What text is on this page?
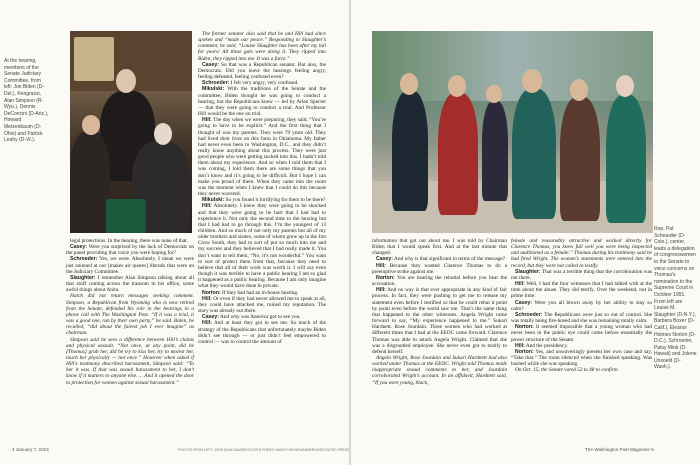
At the hearing, members of the Senate Judiciary Committee, from left: Joe Biden (D-Del.), Kengrassi, Alan Simpson (R-Wyo.), Dennis DeConcini (D-Ariz.), Howard Metzenbaum (D-Ohio) and Patrick Leahy (D-Vt.).
Rep. Pat Schroeder (D-Colo.), center, leads a delegation of congresswomen to the Senate to voice concerns on Thomas's nomination to the Supreme Court in October 1991. From left are Louise M. Slaughter (D-N.Y.), Barbara Boxer (D-Calif.), Eleanor Holmes Norton (D-D.C.), Schroeder, Patsy Mink (D-Hawaii) and Jolene Unsoeld (D-Wash.).

legal protections. In the hearing, there was none of that.

Casey: Were you surprised by the lack of Democrats on the panel providing that voice you were hoping for?

Schroeder: Yes, we were. Absolutely. I mean we were just stunned at our [makes air quotes] liberals that were on the Judiciary Committee.

Slaughter: I remember Alan Simpson talking about all that stuff coming across the transom in his office, some awful things about Anita.

Hatch did not return messages seeking comment. Simpson, a Republican from Wyoming who is now retired from the Senate, defended his role in the hearings in a phone call with The Washington Post. “If it was a trial, it was a good one, run by their own party,” he said. Biden, he recalled, “did about the fairest job I ever imagine” as chairman.

Simpson said he sees a difference between Hill’s claims and physical assault. “Not once, at any point, did he [Thomas] grab her, did he try to kiss her, try to molest her, touch her physically — not once.” However when asked if Hill’s testimony described harassment, Simpson said: “To her it was. If that was sexual harassment to her, I don’t know if it matters to anyone else. ... And it opened the door to protection for women against sexual harassment.”

The former senator also said that he and Hill had since spoken and “made our peace.” Responding to Slaughter’s comment, he said, “Louise Slaughter has been after my tail for years! All these gals were doing it. They ripped into Biden, they ripped into me. It was a farce.”

Casey: So that was a Republican senator. But also, the Democrats. Did you leave the hearings feeling angry, feeling defeated, feeling confused even?

Schroeder: I felt very angry, very confused.

Mikulski: With the traditions of the Senate and the committee, Biden thought he was going to conduct a hearing, but the Republicans knew — led by Arlen Specter — that they were going to conduct a trial. And Professor Hill would be the one on trial.

Hill: The day when we were preparing, they said, “You’re going to have to be explicit.” And the first thing that I thought of was my parents. They were 79 years old. They had lived their lives on this farm in Oklahoma. My father had never even been to Washington, D.C., and they didn’t really know anything about this process. They were just good people who were getting sucked into this. I hadn’t told them about my experience. And so when I told them that I was coming, I told them there are some things that you don’t know and it’s going to be difficult. But I hope I can make you proud of them. When they came into the room was the moment when I knew that I could do this because they never wavered.

Mikulski: So you found it fortifying for them to be there?

Hill: Absolutely. I knew they were going to be shocked and that they were going to be hurt that I had had to experience it. Not only the second time to the hearing but that I had had to go through this. I’m the youngest of 13 children. And so much of not only my parents but all of my older brothers and sisters, some of whom grew up in the Jim Crow South, they had to sort of put so much into me and my success and they believed that I had really made it. You don’t want to tell them, “No, it’s not wonderful.” You want to sort of protect them from that, because they need to believe that all of their work was worth it. I will say even though it was terrible to have a public hearing I am so glad it happened as a public hearing. Because I am only imagine what they would have done in private.

Norton: If they had had an in-house hearing.

Hill: Or even if they had never allowed me to speak at all, they could have attacked me, ruined my reputation. The story was already out there.

Casey: And why was America got to see you.

Hill: And at least they got to see me. So much of the strategy of the Republicans that unfortunately maybe Biden didn’t see through — or just didn’t feel empowered to control — was to control the amount of

information that got out about me. I was told by Chairman Biden that I would speak first. And at the last minute that changed.

Casey: And why is that significant in terms of the message?

Hill: Because they wanted Clarence Thomas to do a preemptive strike against me.

Norton: You are hearing the rebuttal before you hear the accusation.

Hill: And no way is that ever appropriate in any kind of fair process. In fact, they were pushing to get me to release my statement even before I testified so that he could rebut it point by point even before the world saw me. That’s the same thing that happened to the other witnesses. Angela Wright came forward to say, “My experience happened to me.” Sukari Hardnett. Rose Jourdain. Three women who had worked at different times that I had at the EEOC came forward. Clarence Thomas was able to attack Angela Wright. Claimed that she was a disgruntled employee. She never even got to testify to defend herself.

Angela Wright, Rose Jourdain and Sukari Hardnett had also worked under Thomas at the EEOC. Wright told Thomas made inappropriate sexual comments to her, and Jourdain corroborated Wright’s account. In an affidavit, Hardnett said, “If you were young, black,

female and reasonably attractive and worked directly for Clarence Thomas, you knew full well you were being inspected and auditioned as a female.” Thomas during his testimony said he had fired Wright. The women’s statements were entered into the record, but they were not called to testify.

Slaughter: That was a terrible thing that the corroboration was not there.

Hill: Well, I had the four witnesses that I had talked with at the time about the abuse. They did testify. Over the weekend, not in prime time.

Casey: Were you all blown away by her ability to stay so calm?

Schroeder: The Republicans were just so out of control. She was totally being fire-hosed and she was remaining totally calm.

Norton: It seemed impossible that a young woman who had never been in the public eye could come before essentially the power structure of the Senate.

Hill: And the presidency.

Norton: Yes, and unwaveringly present her own case and say, “Take that.” The room silenced when she finished speaking. Was hushed while she was speaking.

On Oct. 15, the Senate voted 52 to 48 to confirm

4 January 7, 2024	PHOTOS FROM LEFT: JOHN DUNCAN/ASSOCIATED PRESS; MARCY NIGHSWANDER/ASSOCIATED PRESS	The Washington Post Magazine 5
